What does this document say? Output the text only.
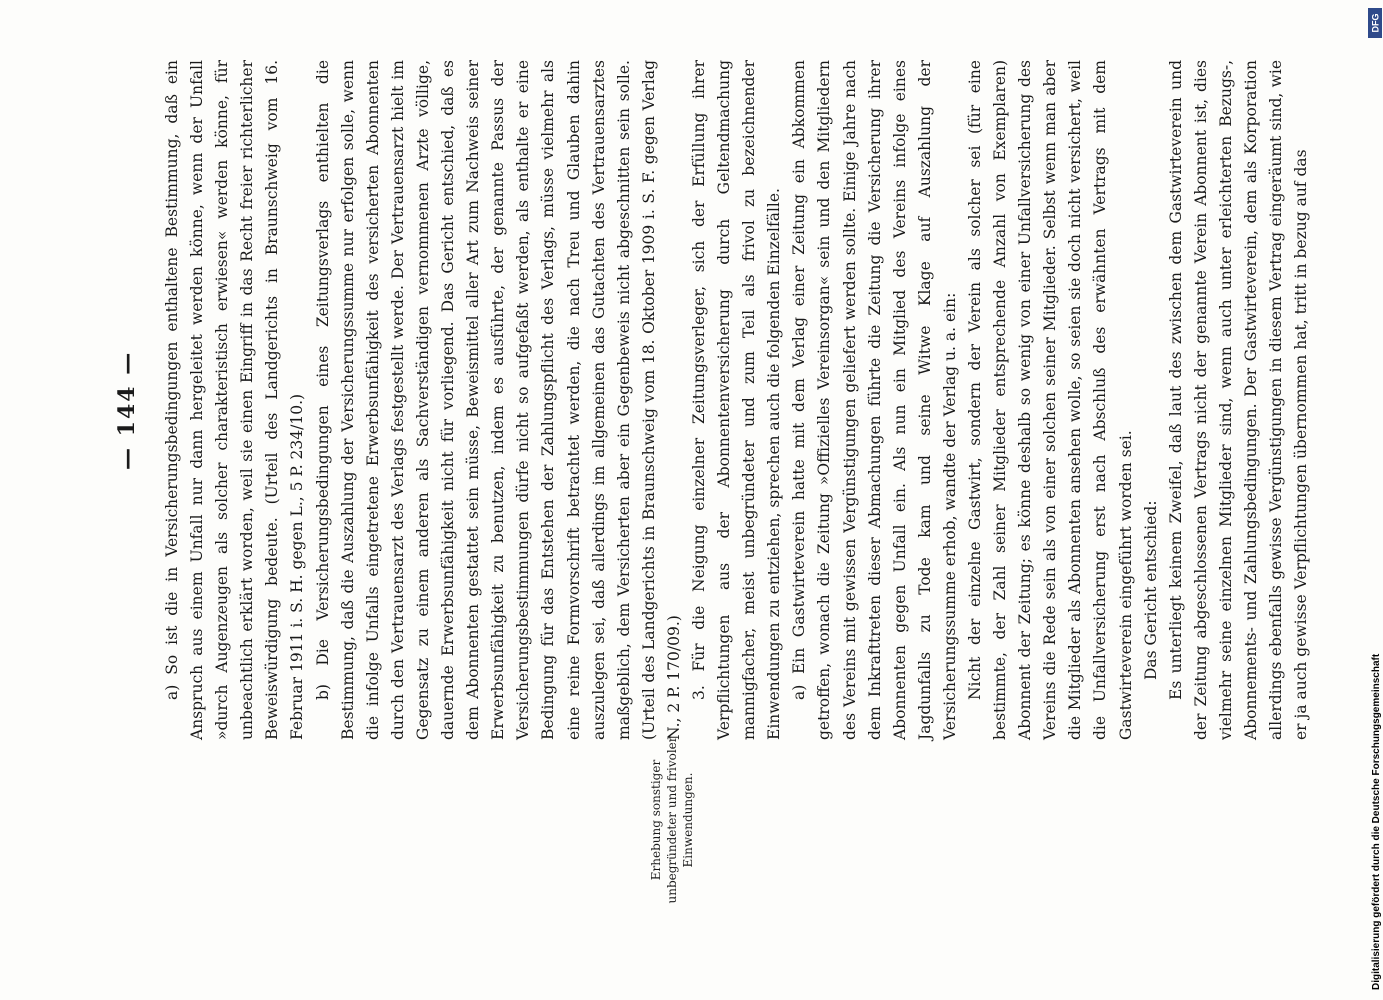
— 144 — a) So ist die in Versicherungsbedingungen enthaltene Bestimmung, daß ein Anspruch aus einem Unfall nur dann hergeleitet werden könne, wenn der Unfall »durch Augenzeugen als solcher charakteristisch erwiesen« werden könne, für unbeachtlich erklärt worden, weil sie einen Eingriff in das Recht freier richterlicher Beweiswürdigung bedeute. (Urteil des Landgerichts in Braunschweig vom 16. Februar 1911 i. S. H. gegen L., 5 P. 234/10.) b) Die Versicherungsbedingungen eines Zeitungsverlags enthielten die Bestimmung, daß die Auszahlung der Versicherungssumme nur erfolgen solle, wenn die infolge Unfalls eingetretene Erwerbsunfähigkeit des versicherten Abonnenten durch den Vertrauensarzt des Verlags festgestellt werde. Der Vertrauensarzt hielt im Gegensatz zu einem anderen als Sachverständigen vernommenen Arzte völlige, dauernde Erwerbsunfähigkeit nicht für vorliegend. Das Gericht entschied, daß es dem Abonnenten gestattet sein müsse, Beweismittel aller Art zum Nachweis seiner Erwerbsunfähigkeit zu benutzen, indem es ausführte, der genannte Passus der Versicherungsbestimmungen dürfe nicht so aufgefaßt werden, als enthalte er eine Bedingung für das Entstehen der Zahlungspflicht des Verlags, müsse vielmehr als eine reine Formvorschrift betrachtet werden, die nach Treu und Glauben dahin auszulegen sei, daß allerdings im allgemeinen das Gutachten des Vertrauensarztes maßgeblich, dem Versicherten aber ein Gegenbeweis nicht abgeschnitten sein solle. (Urteil des Landgerichts in Braunschweig vom 18. Oktober 1909 i. S. F. gegen Verlag N., 2 P. 170/09.) 3. Für die Neigung einzelner Zeitungsverleger, sich der Erfüllung ihrer Verpflichtungen aus der Abonnentenversicherung durch Geltendmachung mannigfacher, meist unbegründeter und zum Teil als frivol zu bezeichnender Einwendungen zu entziehen, sprechen auch die folgenden Einzelfälle. a) Ein Gastwirteverein hatte mit dem Verlag einer Zeitung ein Abkommen getroffen, wonach die Zeitung »Offizielles Vereinsorgan« sein und den Mitgliedern des Vereins mit gewissen Vergünstigungen geliefert werden sollte. Einige Jahre nach dem Inkrafttreten dieser Abmachungen führte die Zeitung die Versicherung ihrer Abonnenten gegen Unfall ein. Als nun ein Mitglied des Vereins infolge eines Jagdunfalls zu Tode kam und seine Witwe Klage auf Auszahlung der Versicherungssumme erhob, wandte der Verlag u. a. ein: Nicht der einzelne Gastwirt, sondern der Verein als solcher sei (für eine bestimmte, der Zahl seiner Mitglieder entsprechende Anzahl von Exemplaren) Abonnent der Zeitung; es könne deshalb so wenig von einer Unfallversicherung des Vereins die Rede sein als von einer solchen seiner Mitglieder. Selbst wenn man aber die Mitglieder als Abonnenten ansehen wolle, so seien sie doch nicht versichert, weil die Unfallversicherung erst nach Abschluß des erwähnten Vertrags mit dem Gastwirteverein eingeführt worden sei. Das Gericht entschied: Es unterliegt keinem Zweifel, daß laut des zwischen dem Gastwirteverein und der Zeitung abgeschlossenen Vertrags nicht der genannte Verein Abonnent ist, dies vielmehr seine einzelnen Mitglieder sind, wenn auch unter erleichterten Bezugs-, Abonnements- und Zahlungsbedingungen. Der Gastwirteverein, dem als Korporation allerdings ebenfalls gewisse Vergünstigungen in diesem Vertrag eingeräumt sind, wie er ja auch gewisse Verpflichtungen übernommen hat, tritt in bezug auf das

Erhebung sonstiger unbegründeter und frivoler Einwendungen.	Digitalisierung gefördert durch die Deutsche Forschungsgemeinschaft

DFG
